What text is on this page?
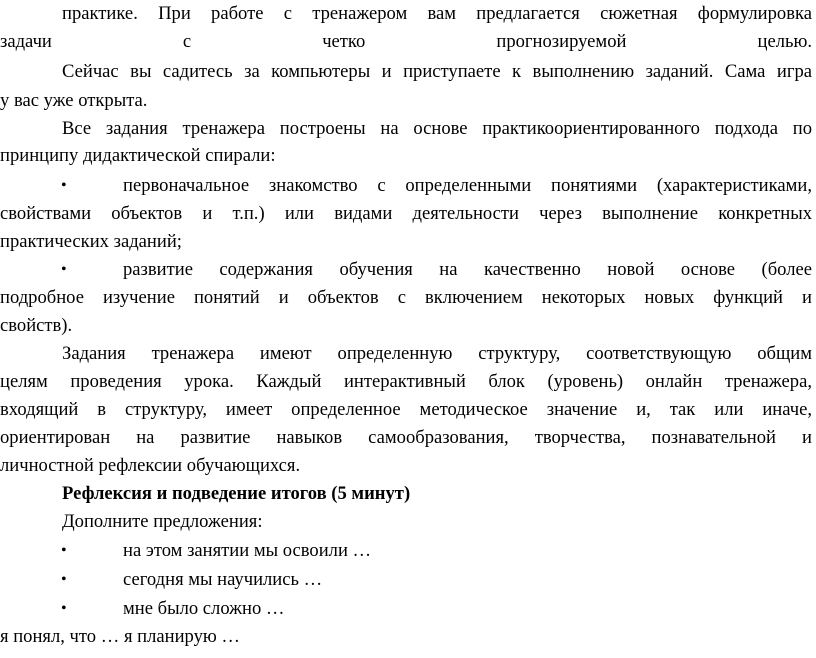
практике. При работе с тренажером вам предлагается сюжетная формулировка
задачи с четко прогнозируемой целью.
Сейчас вы садитесь за компьютеры и приступаете к выполнению заданий. Сама игра
у вас уже открыта.
Все задания тренажера построены на основе практикоориентированного подхода по
принципу дидактической спирали:
•	первоначальное знакомство с определенными понятиями (характеристиками,
свойствами объектов и т.п.) или видами деятельности через выполнение конкретных
практических заданий;
•	развитие содержания обучения на качественно новой основе (более
подробное изучение понятий и объектов с включением некоторых новых функций и
свойств).
Задания тренажера имеют определенную структуру, соответствующую общим
целям проведения урока. Каждый интерактивный блок (уровень) онлайн тренажера,
входящий в структуру, имеет определенное методическое значение и, так или иначе,
ориентирован на развитие навыков самообразования, творчества, познавательной и
личностной рефлексии обучающихся.
Рефлексия и подведение итогов (5 минут)
Дополните предложения:
•	на этом занятии мы освоили …
•	сегодня мы научились …
•	мне было сложно …
я понял, что … я планирую …
